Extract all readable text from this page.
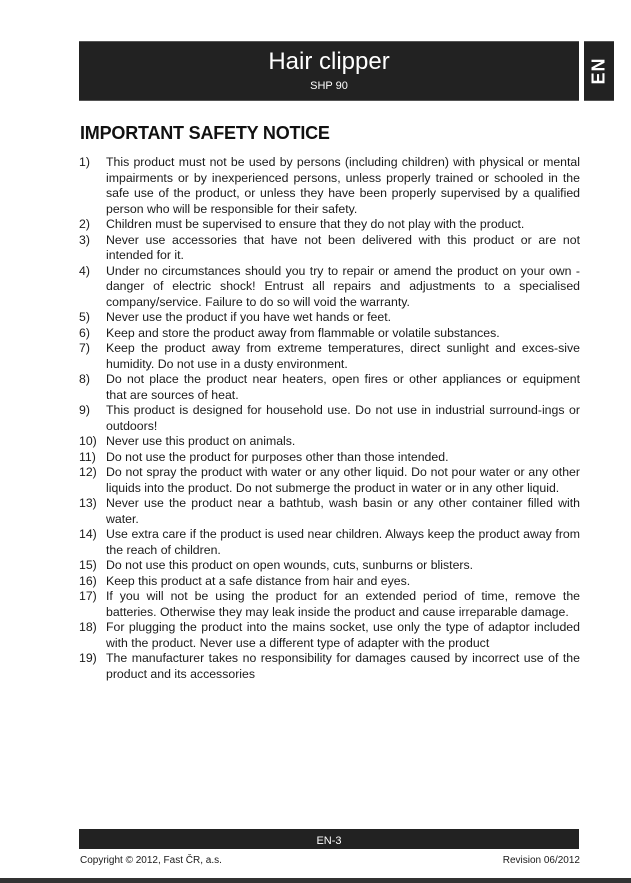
Hair clipper
SHP 90
EN
IMPORTANT SAFETY NOTICE
1) This product must not be used by persons (including children) with physical or mental impairments or by inexperienced persons, unless properly trained or schooled in the safe use of the product, or unless they have been properly supervised by a qualified person who will be responsible for their safety.
2) Children must be supervised to ensure that they do not play with the product.
3) Never use accessories that have not been delivered with this product or are not intended for it.
4) Under no circumstances should you try to repair or amend the product on your own - danger of electric shock! Entrust all repairs and adjustments to a specialised company/service. Failure to do so will void the warranty.
5) Never use the product if you have wet hands or feet.
6) Keep and store the product away from flammable or volatile substances.
7) Keep the product away from extreme temperatures, direct sunlight and exces-sive humidity. Do not use in a dusty environment.
8) Do not place the product near heaters, open fires or other appliances or equipment that are sources of heat.
9) This product is designed for household use. Do not use in industrial surround-ings or outdoors!
10) Never use this product on animals.
11) Do not use the product for purposes other than those intended.
12) Do not spray the product with water or any other liquid. Do not pour water or any other liquids into the product. Do not submerge the product in water or in any other liquid.
13) Never use the product near a bathtub, wash basin or any other container filled with water.
14) Use extra care if the product is used near children. Always keep the product away from the reach of children.
15) Do not use this product on open wounds, cuts, sunburns or blisters.
16) Keep this product at a safe distance from hair and eyes.
17) If you will not be using the product for an extended period of time, remove the batteries. Otherwise they may leak inside the product and cause irreparable damage.
18) For plugging the product into the mains socket, use only the type of adaptor included with the product. Never use a different type of adapter with the product
19) The manufacturer takes no responsibility for damages caused by incorrect use of the product and its accessories
EN-3
Copyright © 2012, Fast ČR, a.s.	Revision 06/2012
